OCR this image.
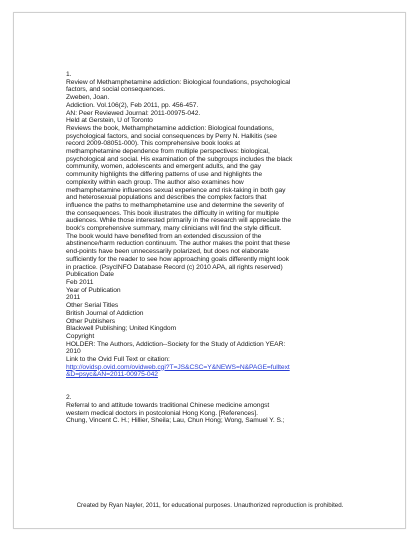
1.
Review of Methamphetamine addiction: Biological foundations, psychological
factors, and social consequences.
Zweben, Joan.
Addiction. Vol.106(2), Feb 2011, pp. 456-457.
AN: Peer Reviewed Journal: 2011-00975-042.
Held at Gerstein, U of Toronto
Reviews the book, Methamphetamine addiction: Biological foundations,
psychological factors, and social consequences by Perry N. Halkitis (see
record 2009-08051-000). This comprehensive book looks at
methamphetamine dependence from multiple perspectives: biological,
psychological and social. His examination of the subgroups includes the black
community, women, adolescents and emergent adults, and the gay
community highlights the differing patterns of use and highlights the
complexity within each group. The author also examines how
methamphetamine influences sexual experience and risk-taking in both gay
and heterosexual populations and describes the complex factors that
influence the paths to methamphetamine use and determine the severity of
the consequences. This book illustrates the difficulty in writing for multiple
audiences. While those interested primarily in the research will appreciate the
book's comprehensive summary, many clinicians will find the style difficult.
The book would have benefited from an extended discussion of the
abstinence/harm reduction continuum. The author makes the point that these
end-points have been unnecessarily polarized, but does not elaborate
sufficiently for the reader to see how approaching goals differently might look
in practice. (PsycINFO Database Record (c) 2010 APA, all rights reserved)
Publication Date
Feb 2011
Year of Publication
2011
Other Serial Titles
British Journal of Addiction
Other Publishers
Blackwell Publishing; United Kingdom
Copyright
HOLDER: The Authors, Addiction--Society for the Study of Addiction YEAR:
2010
Link to the Ovid Full Text or citation:
http://ovidsp.ovid.com/ovidweb.cgi?T=JS&CSC=Y&NEWS=N&PAGE=fulltext
&D=psyc&AN=2011-00975-042
2.
Referral to and attitude towards traditional Chinese medicine amongst
western medical doctors in postcolonial Hong Kong. [References].
Chung, Vincent C. H.; Hillier, Sheila; Lau, Chun Hong; Wong, Samuel Y. S.;
Created by Ryan Nayler, 2011, for educational purposes. Unauthorized reproduction is prohibited.
